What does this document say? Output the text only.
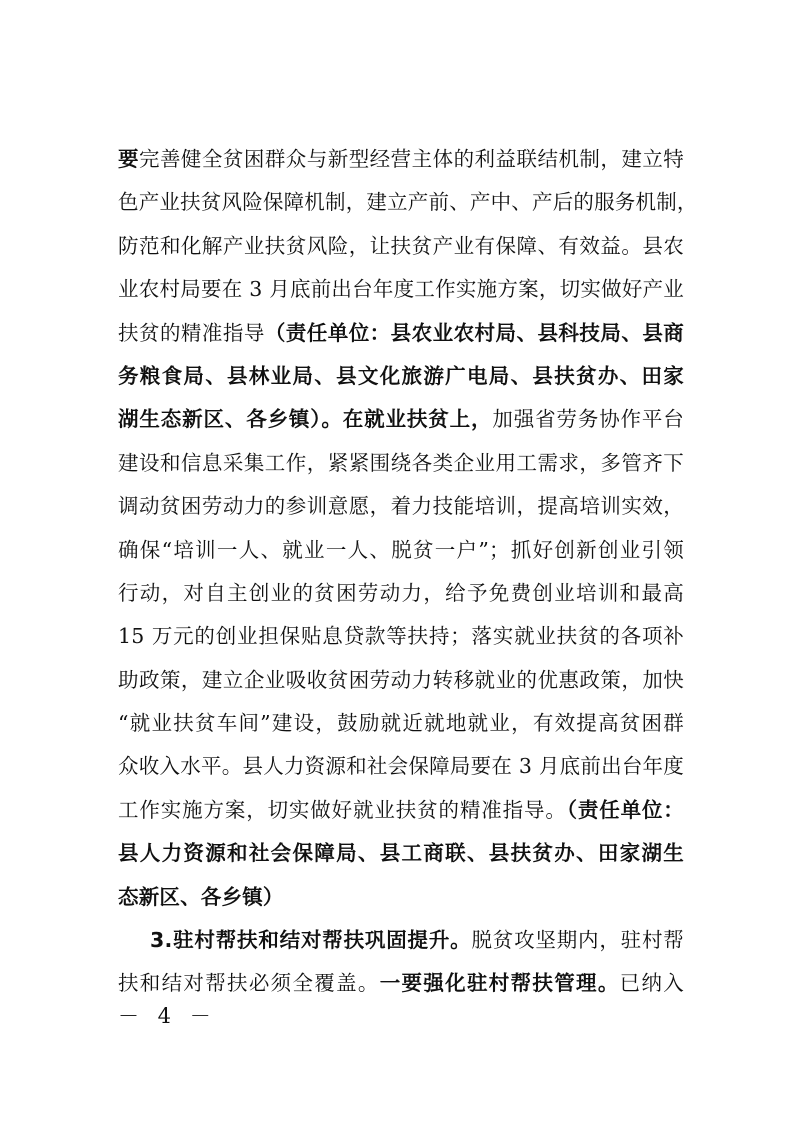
要完善健全贫困群众与新型经营主体的利益联结机制，建立特
色产业扶贫风险保障机制，建立产前、产中、产后的服务机制，
防范和化解产业扶贫风险，让扶贫产业有保障、有效益。县农
业农村局要在 3 月底前出台年度工作实施方案，切实做好产业
扶贫的精准指导（责任单位：县农业农村局、县科技局、县商
务粮食局、县林业局、县文化旅游广电局、县扶贫办、田家
湖生态新区、各乡镇）。在就业扶贫上，加强省劳务协作平台
建设和信息采集工作，紧紧围绕各类企业用工需求，多管齐下
调动贫困劳动力的参训意愿，着力技能培训，提高培训实效，
确保“培训一人、就业一人、脱贫一户”；抓好创新创业引领
行动，对自主创业的贫困劳动力，给予免费创业培训和最高
15 万元的创业担保贴息贷款等扶持；落实就业扶贫的各项补
助政策，建立企业吸收贫困劳动力转移就业的优惠政策，加快
“就业扶贫车间”建设，鼓励就近就地就业，有效提高贫困群
众收入水平。县人力资源和社会保障局要在 3 月底前出台年度
工作实施方案，切实做好就业扶贫的精准指导。（责任单位：
县人力资源和社会保障局、县工商联、县扶贫办、田家湖生
态新区、各乡镇）
3.驻村帮扶和结对帮扶巩固提升。脱贫攻坚期内，驻村帮
扶和结对帮扶必须全覆盖。一要强化驻村帮扶管理。已纳入
－ 4 －
